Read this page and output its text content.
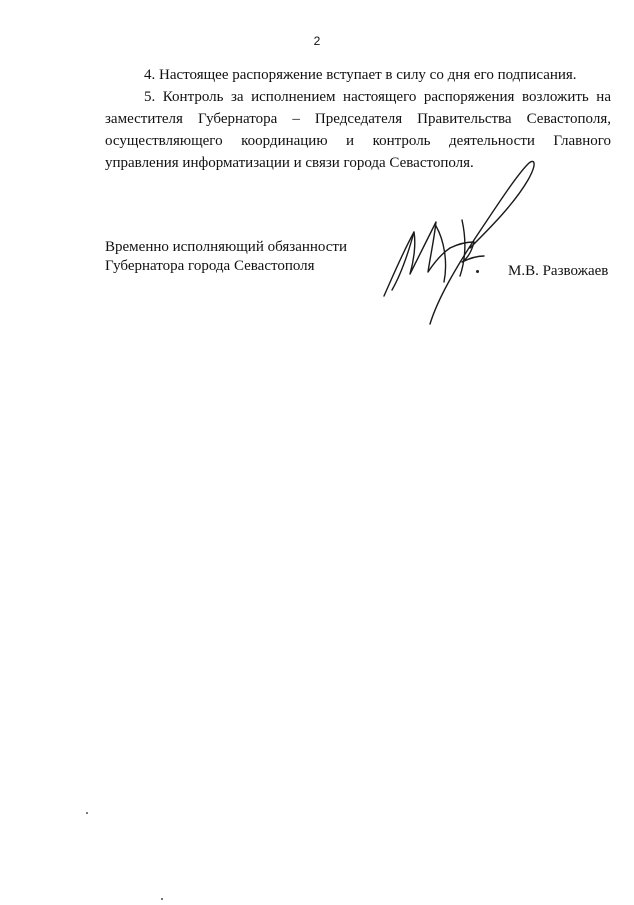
2
4. Настоящее распоряжение вступает в силу со дня его подписания.
5. Контроль за исполнением настоящего распоряжения возложить на заместителя Губернатора – Председателя Правительства Севастополя, осуществляющего координацию и контроль деятельности Главного управления информатизации и связи города Севастополя.
Временно исполняющий обязанности
Губернатора города Севастополя	М.В. Развожаев
